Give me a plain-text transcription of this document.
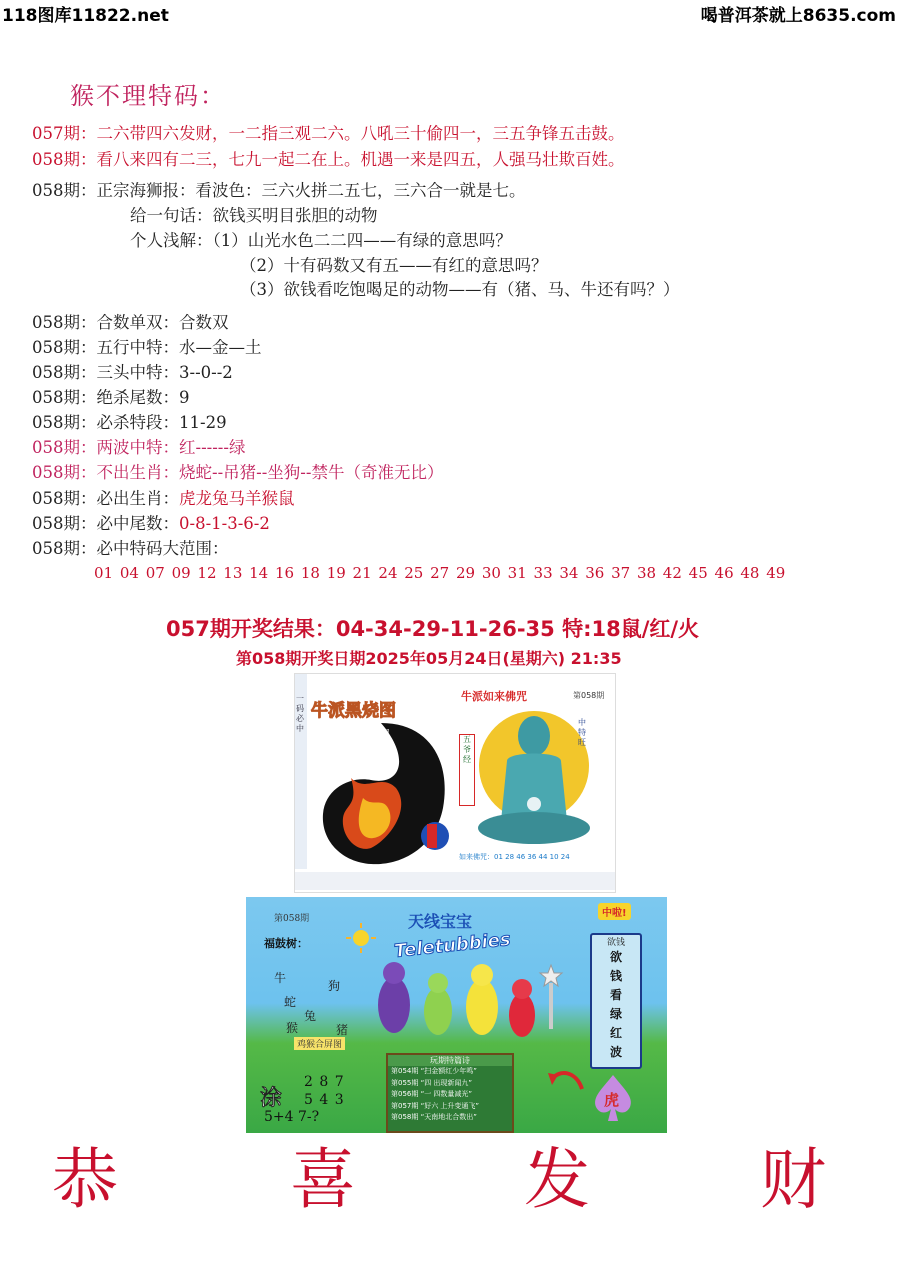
118图库11822.net	喝普洱茶就上8635.com
猴不理特码：
057期：二六带四六发财，一二指三观二六。八吼三十偷四一，三五争锋五击鼓。
058期：看八来四有二三，七九一起二在上。机遇一来是四五，人强马壮欺百姓。
058期：正宗海狮报：看波色：三六火拼二五七，三六合一就是七。
给一句话：欲钱买明目张胆的动物
个人浅解：（1）山光水色二二四——有绿的意思吗？
（2）十有码数又有五——有红的意思吗？
（3）欲钱看吃饱喝足的动物——有（猪、马、牛还有吗？）
058期：合数单双：合数双
058期：五行中特：水—金—土
058期：三头中特：3--0--2
058期：绝杀尾数：9
058期：必杀特段：11-29
058期：两波中特：红------绿
058期：不出生肖：烧蛇--吊猪--坐狗--禁牛（奇准无比）
058期：必出生肖：虎龙兔马羊猴鼠
058期：必中尾数：0-8-1-3-6-2
058期：必中特码大范围：
01 04 07 09 12 13 14 16 18 19 21 24 25 27 29 30 31 33 34 36 37 38 42 45 46 48 49
057期开奖结果：04-34-29-11-26-35 特:18鼠/红/火
第058期开奖日期2025年05月24日(星期六) 21:35
一码必中
牛派黑烧图
第 058 期
牛派如来佛咒	第058期
五爷经
中特旺
如来佛咒：01 28 46 36 44 10 24
第058期
福鼓树：
天线宝宝
Teletubbies
中啦!
牛
狗
蛇
兔
猴	猪
鸡猴合屏图
欲钱
欲
钱
看
绿
红
波
玩期特篇诗
第054期 “扫金额红少年鸣”
第055期 “四 出现新闻九”
第056期 “一 四数量减光”
第057期 “好六 上升变通飞”
第058期 “天南地北合数出”
涂
2 8 7
5 4 3
5+4 7-?
虎
恭	喜	发	财
